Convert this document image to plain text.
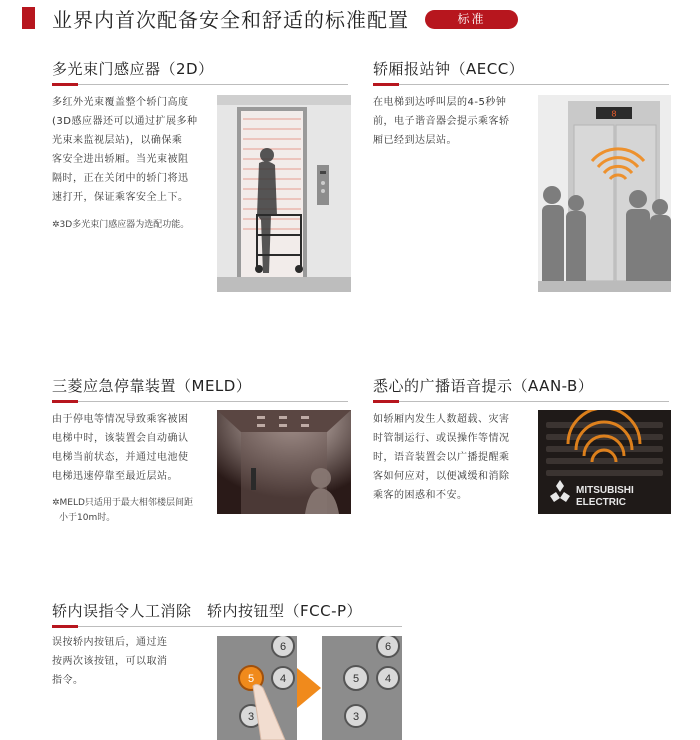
业界内首次配备安全和舒适的标准配置	标准
多光束门感应器（2D）
多红外光束覆盖整个轿门高度
(3D感应器还可以通过扩展多种
光束来监视层站)，以确保乘
客安全进出轿厢。当光束被阻
隔时，正在关闭中的轿门将迅
速打开，保证乘客安全上下。
✲3D多光束门感应器为选配功能。
轿厢报站钟（AECC）
在电梯到达呼叫层的4-5秒钟
前，电子谐音器会提示乘客轿
厢已经到达层站。
8
三菱应急停靠装置（MELD）
由于停电等情况导致乘客被困
电梯中时，该装置会自动确认
电梯当前状态，并通过电池使
电梯迅速停靠至最近层站。
✲MELD只适用于最大相邻楼层间距
小于10m时。
悉心的广播语音提示（AAN-B）
如轿厢内发生人数超载、灾害
时管制运行、或误操作等情况
时，语音装置会以广播提醒乘
客如何应对，以便减缓和消除
乘客的困惑和不安。	MITSUBISHI
ELECTRIC
轿内误指令人工消除　轿内按钮型（FCC-P）
误按轿内按钮后，通过连
按两次该按钮，可以取消
指令。
6
5 4
3
6
5 4
3
